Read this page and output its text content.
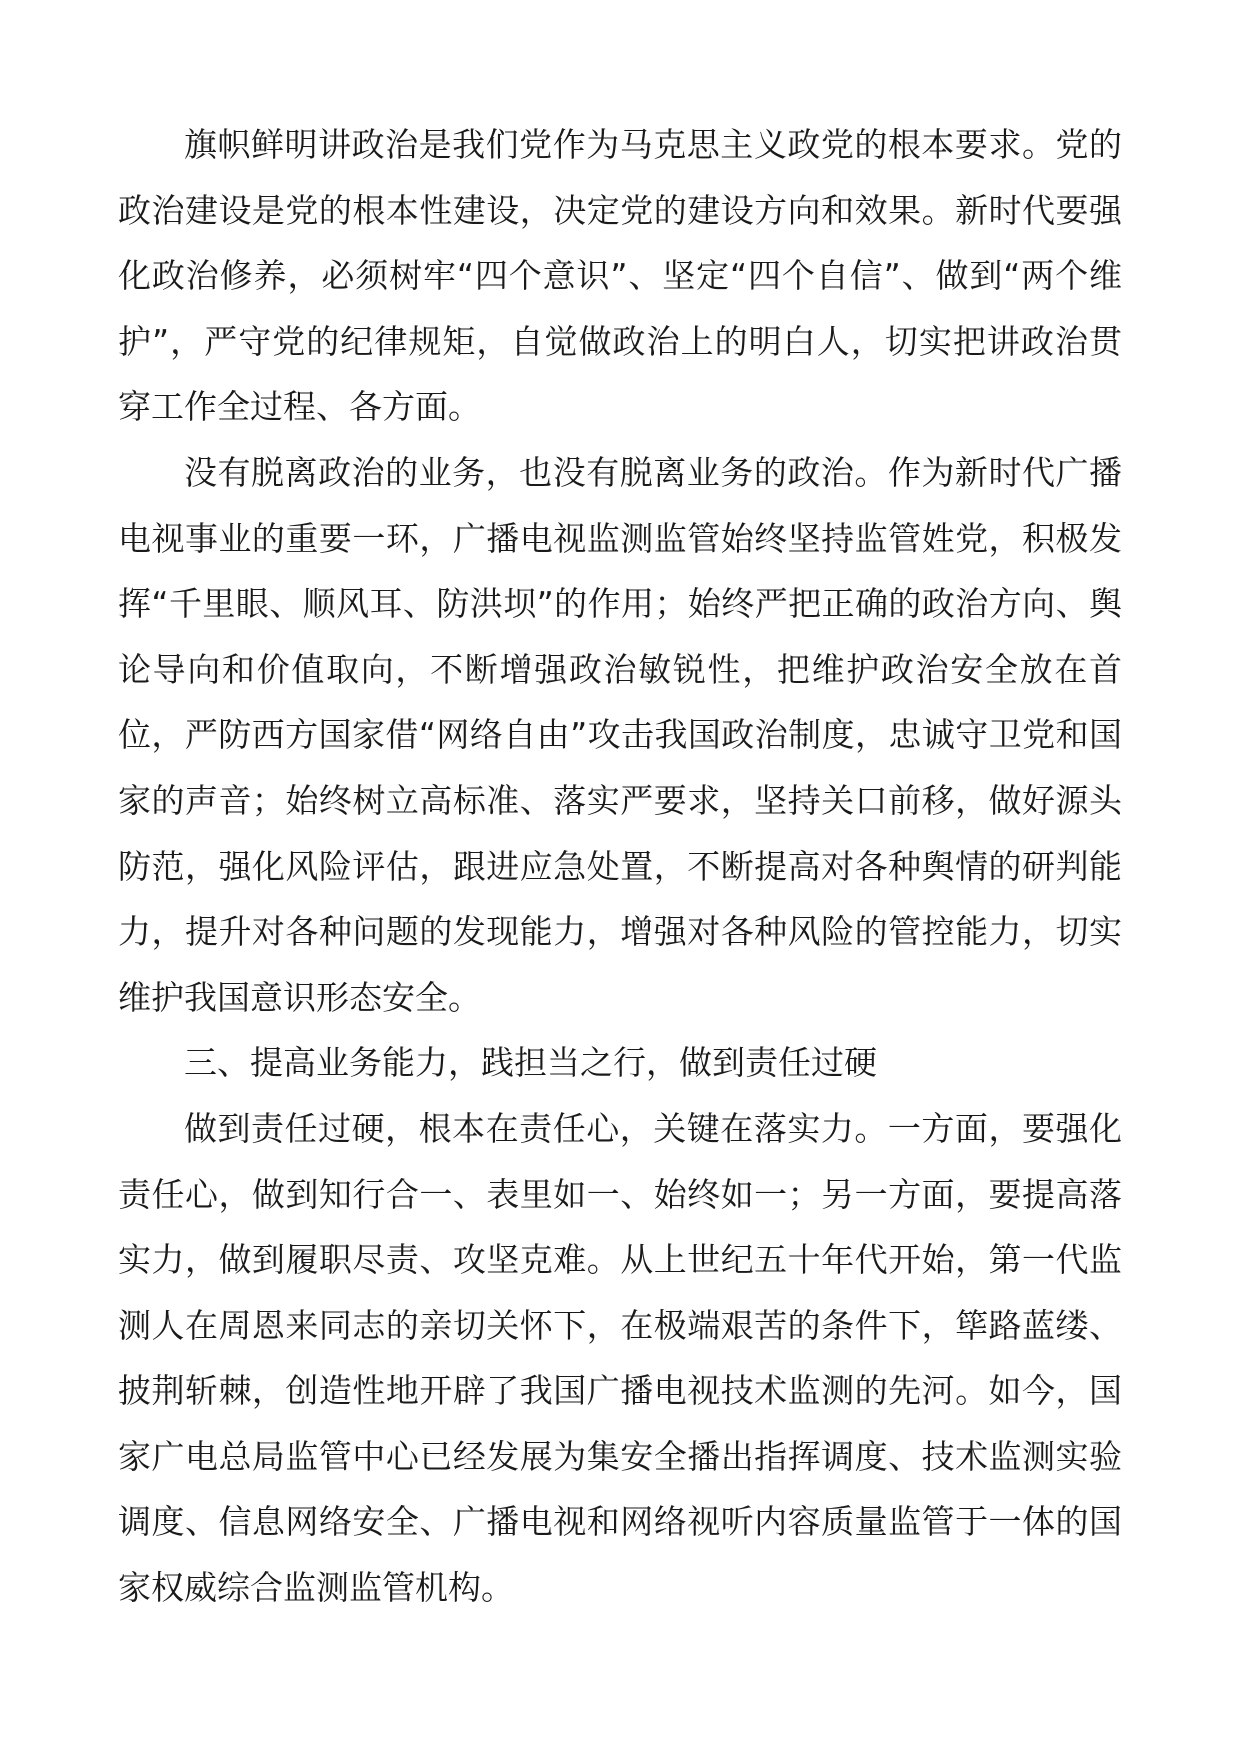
旗帜鲜明讲政治是我们党作为马克思主义政党的根本要求。党的政治建设是党的根本性建设，决定党的建设方向和效果。新时代要强化政治修养，必须树牢“四个意识”、坚定“四个自信”、做到“两个维护”，严守党的纪律规矩，自觉做政治上的明白人，切实把讲政治贯穿工作全过程、各方面。

没有脱离政治的业务，也没有脱离业务的政治。作为新时代广播电视事业的重要一环，广播电视监测监管始终坚持监管姓党，积极发挥“千里眼、顺风耳、防洪坝”的作用；始终严把正确的政治方向、舆论导向和价值取向，不断增强政治敏锐性，把维护政治安全放在首位，严防西方国家借“网络自由”攻击我国政治制度，忠诚守卫党和国家的声音；始终树立高标准、落实严要求，坚持关口前移，做好源头防范，强化风险评估，跟进应急处置，不断提高对各种舆情的研判能力，提升对各种问题的发现能力，增强对各种风险的管控能力，切实维护我国意识形态安全。

三、提高业务能力，践担当之行，做到责任过硬

做到责任过硬，根本在责任心，关键在落实力。一方面，要强化责任心，做到知行合一、表里如一、始终如一；另一方面，要提高落实力，做到履职尽责、攻坚克难。从上世纪五十年代开始，第一代监测人在周恩来同志的亲切关怀下，在极端艰苦的条件下，筚路蓝缕、披荆斩棘，创造性地开辟了我国广播电视技术监测的先河。如今，国家广电总局监管中心已经发展为集安全播出指挥调度、技术监测实验调度、信息网络安全、广播电视和网络视听内容质量监管于一体的国家权威综合监测监管机构。
